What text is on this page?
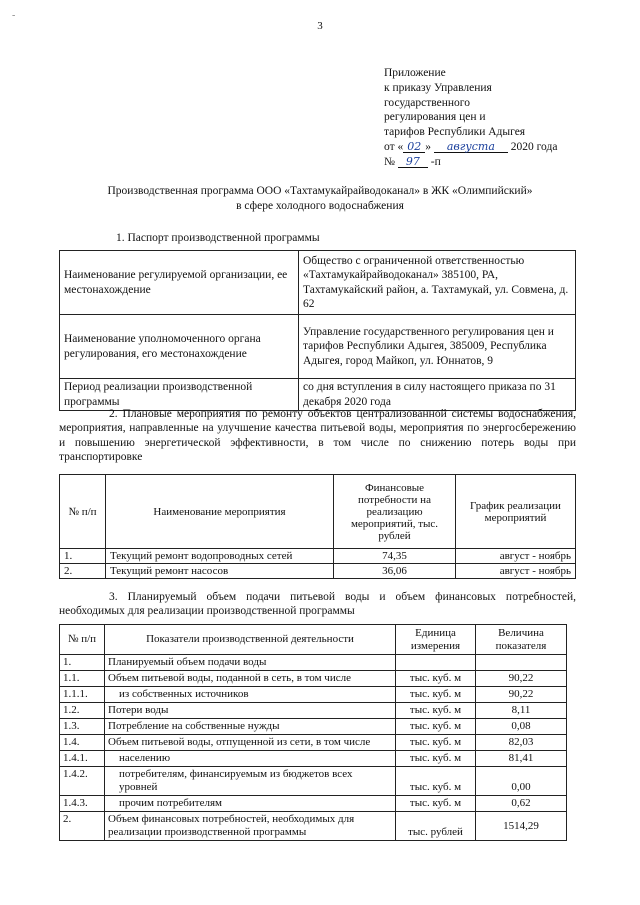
-
3
Приложение
к приказу Управления
государственного
регулирования цен и
тарифов Республики Адыгея
от « 02 » августа 2020 года
№ 97 -п
Производственная программа ООО «Тахтамукайрайводоканал» в ЖК «Олимпийский»
в сфере холодного водоснабжения
1. Паспорт производственной программы
Наименование регулируемой организации, ее местонахождение	Общество с ограниченной ответственностью «Тахтамукайрайводоканал» 385100, РА, Тахтамукайский район, а. Тахтамукай, ул. Совмена, д. 62
Наименование уполномоченного органа регулирования, его местонахождение	Управление государственного регулирования цен и тарифов Республики Адыгея, 385009, Республика Адыгея, город Майкоп, ул. Юннатов, 9
Период реализации производственной программы	со дня вступления в силу настоящего приказа по 31 декабря 2020 года
2. Плановые мероприятия по ремонту объектов централизованной системы водоснабжения, мероприятия, направленные на улучшение качества питьевой воды, мероприятия по энергосбережению и повышению энергетической эффективности, в том числе по снижению потерь воды при транспортировке
№ п/п	Наименование мероприятия	Финансовые потребности на реализацию мероприятий, тыс. рублей	График реализации мероприятий
1.	Текущий ремонт водопроводных сетей	74,35	август - ноябрь
2.	Текущий ремонт насосов	36,06	август - ноябрь
3. Планируемый объем подачи питьевой воды и объем финансовых потребностей, необходимых для реализации производственной программы
№ п/п	Показатели производственной деятельности	Единица измерения	Величина показателя
1.	Планируемый объем подачи воды		
1.1.	Объем питьевой воды, поданной в сеть, в том числе	тыс. куб. м	90,22
1.1.1.	из собственных источников	тыс. куб. м	90,22
1.2.	Потери воды	тыс. куб. м	8,11
1.3.	Потребление на собственные нужды	тыс. куб. м	0,08
1.4.	Объем питьевой воды, отпущенной из сети, в том числе	тыс. куб. м	82,03
1.4.1.	населению	тыс. куб. м	81,41
1.4.2.	потребителям, финансируемым из бюджетов всех уровней	тыс. куб. м	0,00
1.4.3.	прочим потребителям	тыс. куб. м	0,62
2.	Объем финансовых потребностей, необходимых для реализации производственной программы	тыс. рублей	1514,29
